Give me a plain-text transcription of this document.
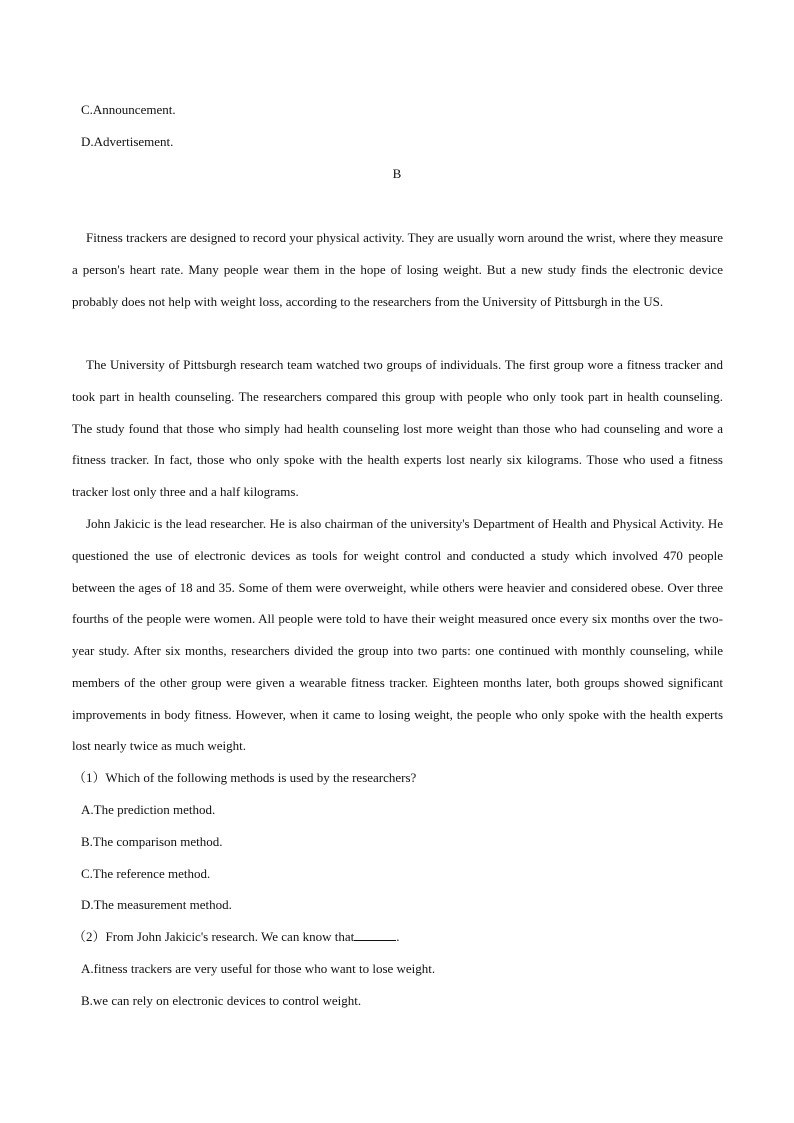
C.Announcement.
D.Advertisement.
B

Fitness trackers are designed to record your physical activity. They are usually worn around the wrist, where they measure a person's heart rate. Many people wear them in the hope of losing weight. But a new study finds the electronic device probably does not help with weight loss, according to the researchers from the University of Pittsburgh in the US.

The University of Pittsburgh research team watched two groups of individuals. The first group wore a fitness tracker and took part in health counseling. The researchers compared this group with people who only took part in health counseling. The study found that those who simply had health counseling lost more weight than those who had counseling and wore a fitness tracker. In fact, those who only spoke with the health experts lost nearly six kilograms. Those who used a fitness tracker lost only three and a half kilograms.

John Jakicic is the lead researcher. He is also chairman of the university's Department of Health and Physical Activity. He questioned the use of electronic devices as tools for weight control and conducted a study which involved 470 people between the ages of 18 and 35. Some of them were overweight, while others were heavier and considered obese. Over three fourths of the people were women. All people were told to have their weight measured once every six months over the two-year study. After six months, researchers divided the group into two parts: one continued with monthly counseling, while members of the other group were given a wearable fitness tracker. Eighteen months later, both groups showed significant improvements in body fitness. However, when it came to losing weight, the people who only spoke with the health experts lost nearly twice as much weight.

（1）Which of the following methods is used by the researchers?
A.The prediction method.
B.The comparison method.
C.The reference method.
D.The measurement method.
（2）From John Jakicic's research. We can know that	.
A.fitness trackers are very useful for those who want to lose weight.
B.we can rely on electronic devices to control weight.
